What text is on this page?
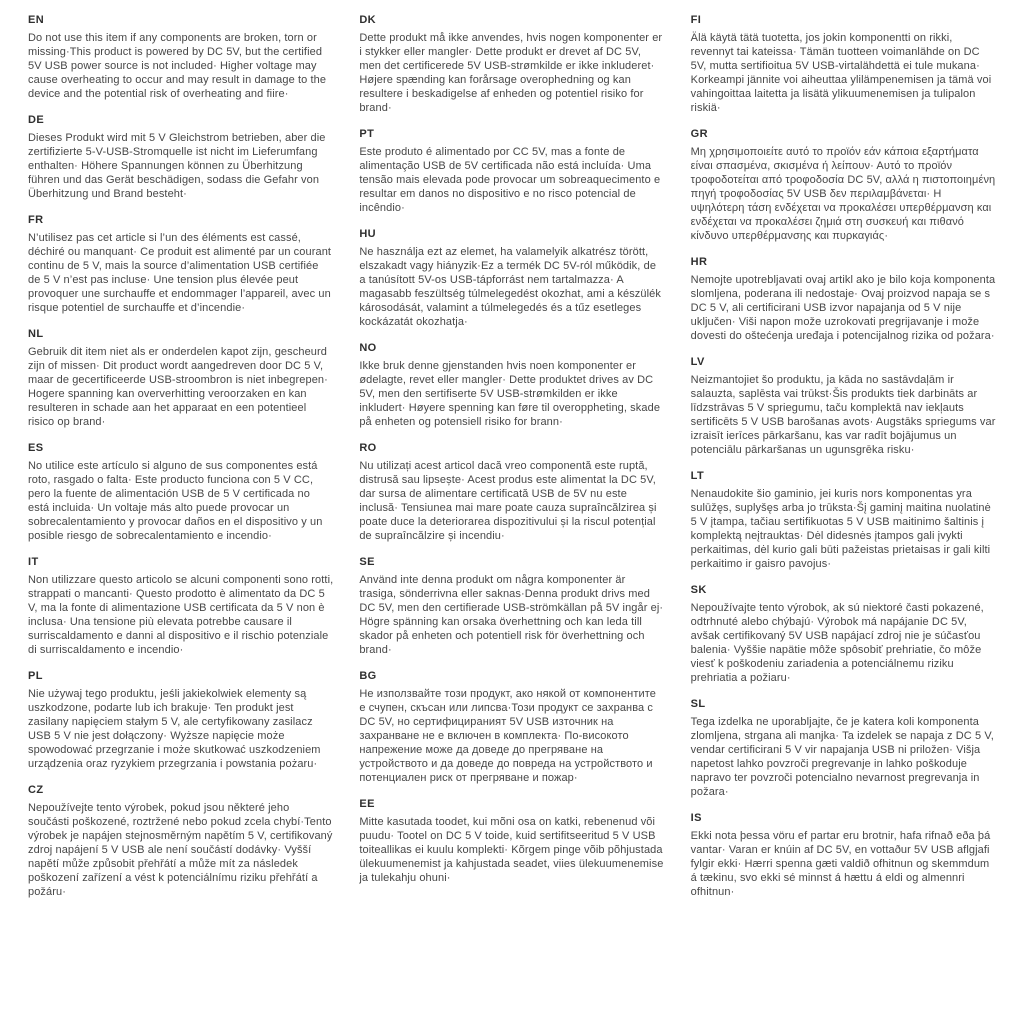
EN

Do not use this item if any components are broken, torn or missing·This product is powered by DC 5V, but the certified 5V USB power source is not included· Higher voltage may cause overheating to occur and may result in damage to the device and the potential risk of overheating and fiire·

DE

Dieses Produkt wird mit 5 V Gleichstrom betrieben, aber die zertifizierte 5-V-USB-Stromquelle ist nicht im Lieferumfang enthalten· Höhere Spannungen können zu Überhitzung führen und das Gerät beschädigen, sodass die Gefahr von Überhitzung und Brand besteht·

FR

N’utilisez pas cet article si l’un des éléments est cassé, déchiré ou manquant· Ce produit est alimenté par un courant continu de 5 V, mais la source d’alimentation USB certifiée de 5 V n’est pas incluse· Une tension plus élevée peut provoquer une surchauffe et endommager l’appareil, avec un risque potentiel de surchauffe et d’incendie·

NL

Gebruik dit item niet als er onderdelen kapot zijn, gescheurd zijn of missen· Dit product wordt aangedreven door DC 5 V, maar de gecertificeerde USB-stroombron is niet inbegrepen· Hogere spanning kan oververhitting veroorzaken en kan resulteren in schade aan het apparaat en een potentieel risico op brand·

ES

No utilice este artículo si alguno de sus componentes está roto, rasgado o falta· Este producto funciona con 5 V CC, pero la fuente de alimentación USB de 5 V certificada no está incluida· Un voltaje más alto puede provocar un sobrecalentamiento y provocar daños en el dispositivo y un posible riesgo de sobrecalentamiento e incendio·

IT

Non utilizzare questo articolo se alcuni componenti sono rotti, strappati o mancanti· Questo prodotto è alimentato da DC 5 V, ma la fonte di alimentazione USB certificata da 5 V non è inclusa· Una tensione più elevata potrebbe causare il surriscaldamento e danni al dispositivo e il rischio potenziale di surriscaldamento e incendio·

PL

Nie używaj tego produktu, jeśli jakiekolwiek elementy są uszkodzone, podarte lub ich brakuje· Ten produkt jest zasilany napięciem stałym 5 V, ale certyfikowany zasilacz USB 5 V nie jest dołączony· Wyższe napięcie może spowodować przegrzanie i może skutkować uszkodzeniem urządzenia oraz ryzykiem przegrzania i powstania pożaru·

CZ

Nepoužívejte tento výrobek, pokud jsou některé jeho součásti poškozené, roztržené nebo pokud zcela chybí·Tento výrobek je napájen stejnosměrným napětím 5 V, certifikovaný zdroj napájení 5 V USB ale není součástí dodávky· Vyšší napětí může způsobit přehřátí a může mít za následek poškození zařízení a vést k potenciálnímu riziku přehřátí a požáru·

DK

Dette produkt må ikke anvendes, hvis nogen komponenter er i stykker eller mangler· Dette produkt er drevet af DC 5V, men det certificerede 5V USB-strømkilde er ikke inkluderet· Højere spænding kan forårsage overophedning og kan resultere i beskadigelse af enheden og potentiel risiko for brand·

PT

Este produto é alimentado por CC 5V, mas a fonte de alimentação USB de 5V certificada não está incluída· Uma tensão mais elevada pode provocar um sobreaquecimento e resultar em danos no dispositivo e no risco potencial de incêndio·

HU

Ne használja ezt az elemet, ha valamelyik alkatrész törött, elszakadt vagy hiányzik·Ez a termék DC 5V-ról működik, de a tanúsított 5V-os USB-tápforrást nem tartalmazza· A magasabb feszültség túlmelegedést okozhat, ami a készülék károsodását, valamint a túlmelegedés és a tűz esetleges kockázatát okozhatja·

NO

Ikke bruk denne gjenstanden hvis noen komponenter er ødelagte, revet eller mangler· Dette produktet drives av DC 5V, men den sertifiserte 5V USB-strømkilden er ikke inkludert· Høyere spenning kan føre til overoppheting, skade på enheten og potensiell risiko for brann·

RO

Nu utilizați acest articol dacă vreo componentă este ruptă, distrusă sau lipsește· Acest produs este alimentat la DC 5V, dar sursa de alimentare certificată USB de 5V nu este inclusă· Tensiunea mai mare poate cauza supraîncălzirea și poate duce la deteriorarea dispozitivului și la riscul potențial de supraîncălzire și incendiu·

SE

Använd inte denna produkt om några komponenter är trasiga, sönderrivna eller saknas·Denna produkt drivs med DC 5V, men den certifierade USB-strömkällan på 5V ingår ej· Högre spänning kan orsaka överhettning och kan leda till skador på enheten och potentiell risk för överhettning och brand·

BG

Не използвайте този продукт, ако някой от компонентите е счупен, скъсан или липсва·Този продукт се захранва с DC 5V, но сертифицираният 5V USB източник на захранване не е включен в комплекта· По-високото напрежение може да доведе до прегряване на устройството и да доведе до повреда на устройството и потенциален риск от прегряване и пожар·

EE

Mitte kasutada toodet, kui mõni osa on katki, rebenenud või puudu· Tootel on DC 5 V toide, kuid sertifitseeritud 5 V USB toiteallikas ei kuulu komplekti· Kõrgem pinge võib põhjustada ülekuumenemist ja kahjustada seadet, viies ülekuumenemise ja tulekahju ohuni·

FI

Älä käytä tätä tuotetta, jos jokin komponentti on rikki, revennyt tai kateissa· Tämän tuotteen voimanlähde on DC 5V, mutta sertifioitua 5V USB-virtalähdettä ei tule mukana· Korkeampi jännite voi aiheuttaa ylilämpenemisen ja tämä voi vahingoittaa laitetta ja lisätä ylikuumenemisen ja tulipalon riskiä·

GR

Μη χρησιμοποιείτε αυτό το προϊόν εάν κάποια εξαρτήματα είναι σπασμένα, σκισμένα ή λείπουν· Αυτό το προϊόν τροφοδοτείται από τροφοδοσία DC 5V, αλλά η πιστοποιημένη πηγή τροφοδοσίας 5V USB δεν περιλαμβάνεται· Η υψηλότερη τάση ενδέχεται να προκαλέσει υπερθέρμανση και ενδέχεται να προκαλέσει ζημιά στη συσκευή και πιθανό κίνδυνο υπερθέρμανσης και πυρκαγιάς·

HR

Nemojte upotrebljavati ovaj artikl ako je bilo koja komponenta slomljena, poderana ili nedostaje· Ovaj proizvod napaja se s DC 5 V, ali certificirani USB izvor napajanja od 5 V nije uključen· Viši napon može uzrokovati pregrijavanje i može dovesti do oštećenja uređaja i potencijalnog rizika od požara·

LV

Neizmantojiet šo produktu, ja kāda no sastāvdaļām ir salauzta, saplēsta vai trūkst·Šis produkts tiek darbināts ar līdzstrāvas 5 V spriegumu, taču komplektā nav iekļauts sertificēts 5 V USB barošanas avots· Augstāks spriegums var izraisīt ierīces pārkaršanu, kas var radīt bojājumus un potenciālu pārkaršanas un ugunsgrēka risku·

LT

Nenaudokite šio gaminio, jei kuris nors komponentas yra sulūžęs, suplyšęs arba jo trūksta·Šį gaminį maitina nuolatinė 5 V įtampa, tačiau sertifikuotas 5 V USB maitinimo šaltinis į komplektą neįtrauktas· Dėl didesnės įtampos gali įvykti perkaitimas, dėl kurio gali būti pažeistas prietaisas ir gali kilti perkaitimo ir gaisro pavojus·

SK

Nepoužívajte tento výrobok, ak sú niektoré časti pokazené, odtrhnuté alebo chýbajú· Výrobok má napájanie DC 5V, avšak certifikovaný 5V USB napájací zdroj nie je súčasťou balenia· Vyššie napätie môže spôsobiť prehriatie, čo môže viesť k poškodeniu zariadenia a potenciálnemu riziku prehriatia a požiaru·

SL

Tega izdelka ne uporabljajte, če je katera koli komponenta zlomljena, strgana ali manjka· Ta izdelek se napaja z DC 5 V, vendar certificirani 5 V vir napajanja USB ni priložen· Višja napetost lahko povzroči pregrevanje in lahko poškoduje napravo ter povzroči potencialno nevarnost pregrevanja in požara·

IS

Ekki nota þessa vöru ef partar eru brotnir, hafa rifnað eða þá vantar· Varan er knúin af DC 5V, en vottaður 5V USB aflgjafi fylgir ekki· Hærri spenna gæti valdið ofhitnun og skemmdum á tækinu, svo ekki sé minnst á hættu á eldi og almennri ofhitnun·
